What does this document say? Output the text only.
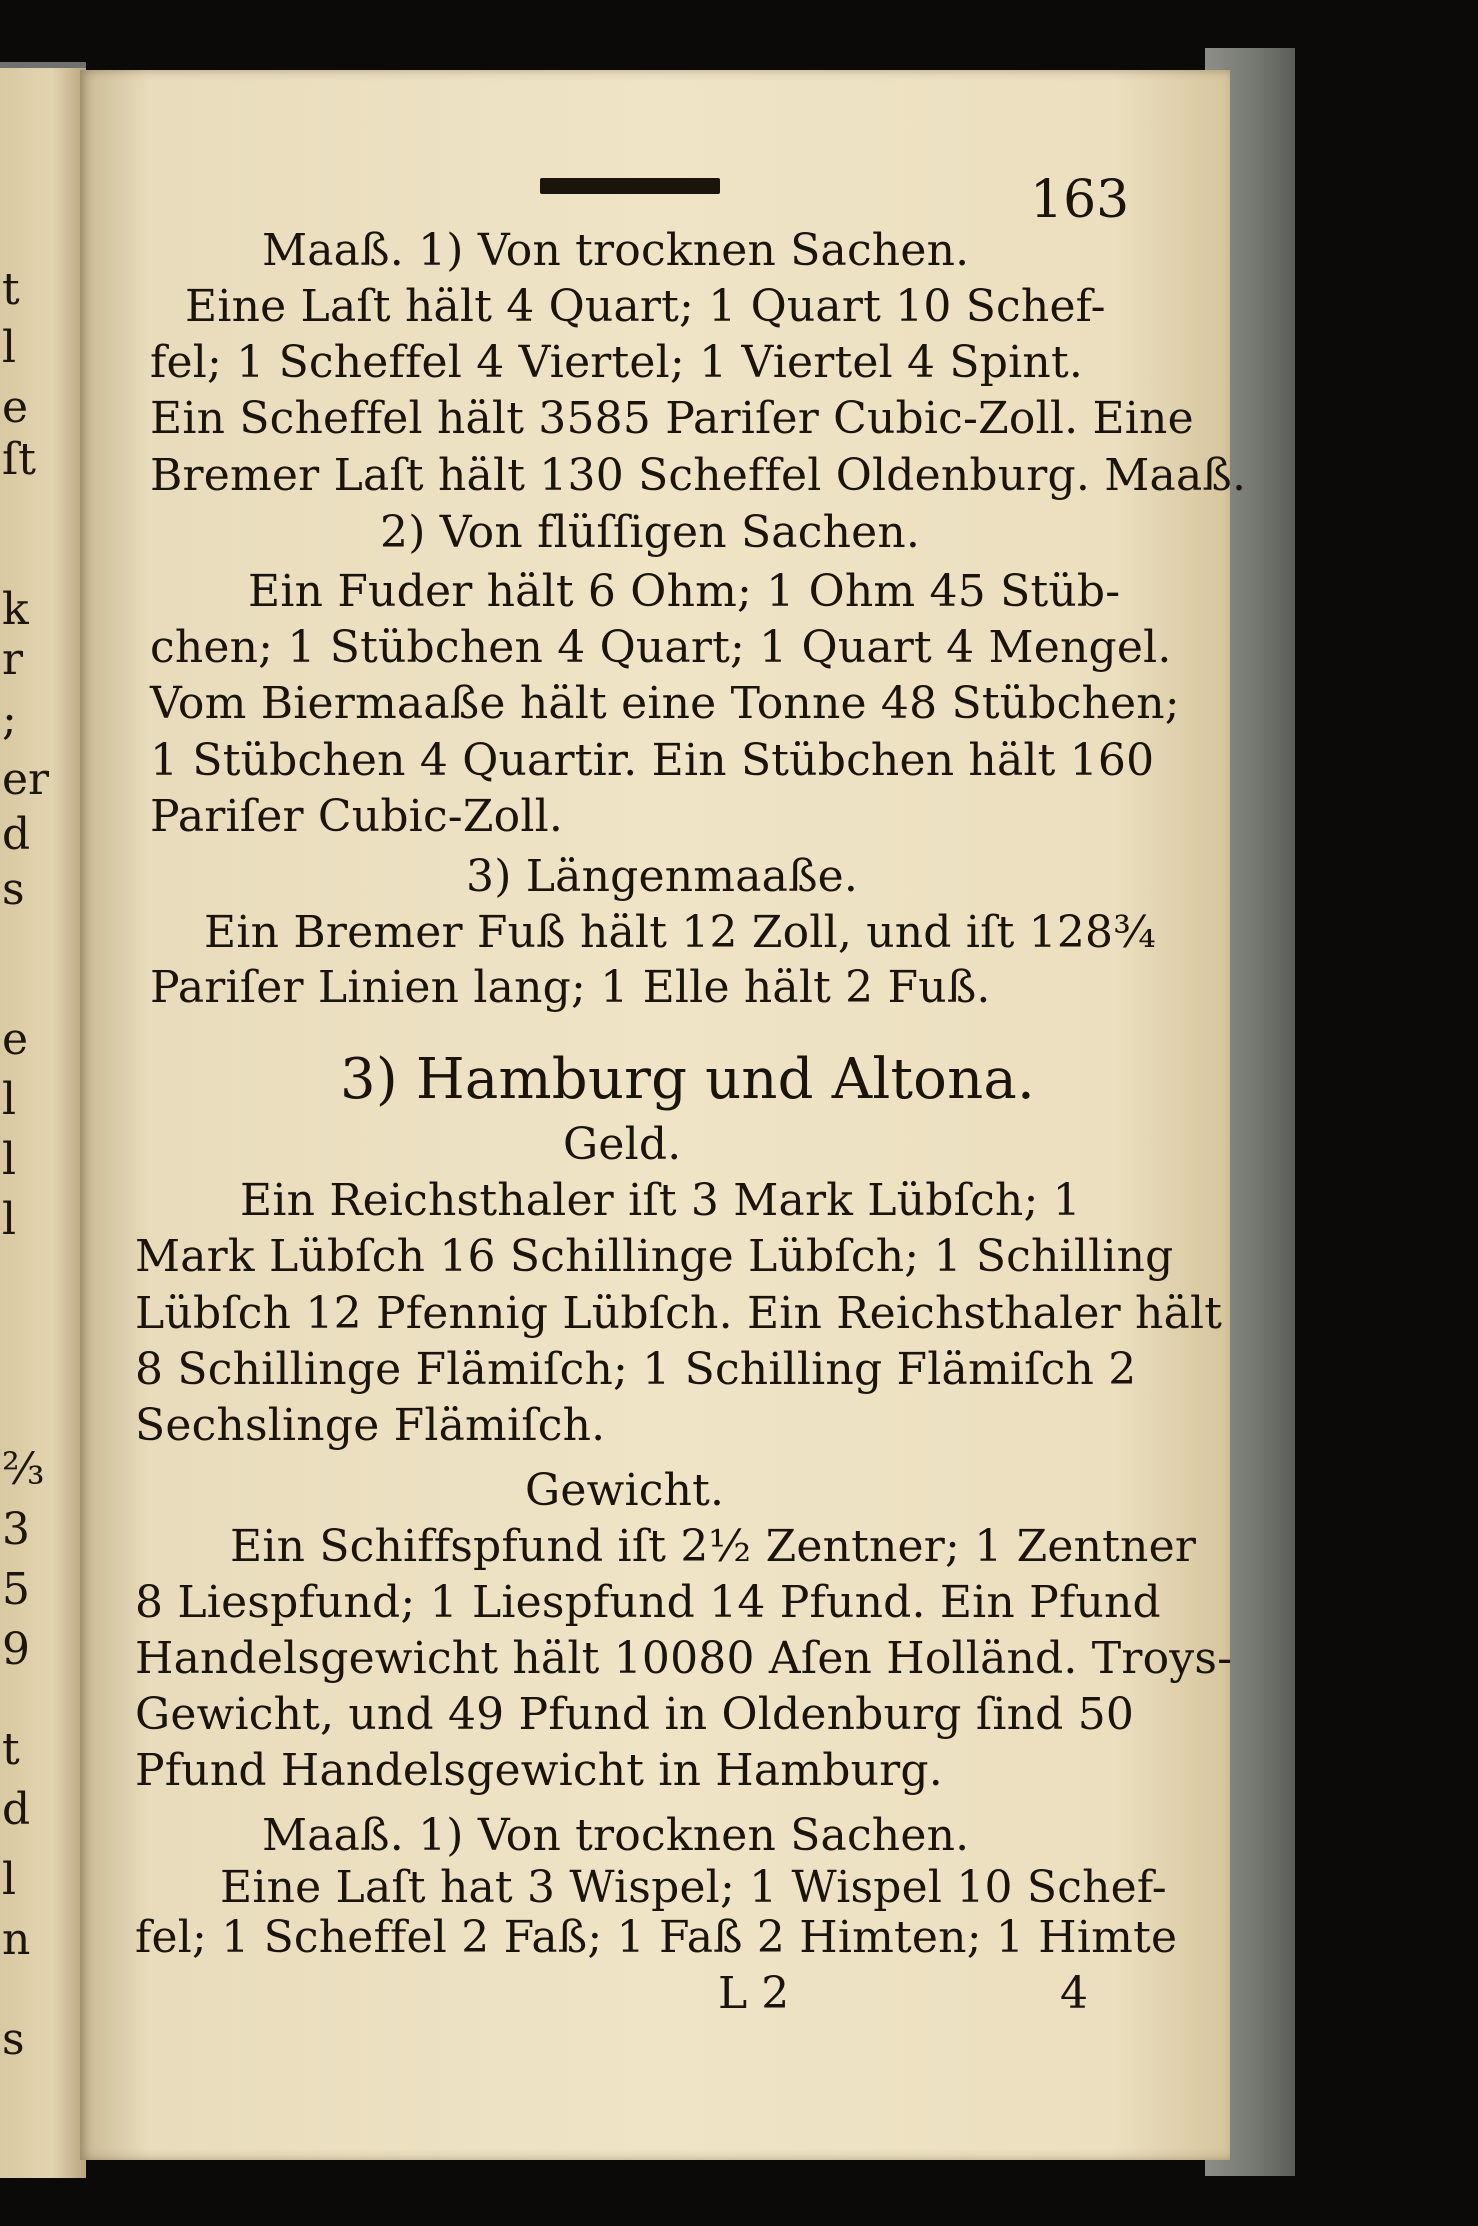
t
l
e
ſt
k
r
;
er
d
s
e
l
l
l
⅔
3
5
9
t
d
l
n
s
163
Maaß. 1) Von trocknen Sachen.
Eine Laſt hält 4 Quart; 1 Quart 10 Schef-
fel; 1 Scheffel 4 Viertel; 1 Viertel 4 Spint.
Ein Scheffel hält 3585 Pariſer Cubic-Zoll. Eine
Bremer Laſt hält 130 Scheffel Oldenburg. Maaß.
2) Von flüſſigen Sachen.
Ein Fuder hält 6 Ohm; 1 Ohm 45 Stüb-
chen; 1 Stübchen 4 Quart; 1 Quart 4 Mengel.
Vom Biermaaße hält eine Tonne 48 Stübchen;
1 Stübchen 4 Quartir. Ein Stübchen hält 160
Pariſer Cubic-Zoll.
3) Längenmaaße.
Ein Bremer Fuß hält 12 Zoll, und iſt 128¾
Pariſer Linien lang; 1 Elle hält 2 Fuß.
3) Hamburg und Altona.
Geld.
Ein Reichsthaler iſt 3 Mark Lübſch; 1
Mark Lübſch 16 Schillinge Lübſch; 1 Schilling
Lübſch 12 Pfennig Lübſch. Ein Reichsthaler hält
8 Schillinge Flämiſch; 1 Schilling Flämiſch 2
Sechslinge Flämiſch.
Gewicht.
Ein Schiffspfund iſt 2½ Zentner; 1 Zentner
8 Liespfund; 1 Liespfund 14 Pfund. Ein Pfund
Handelsgewicht hält 10080 Aſen Holländ. Troys-
Gewicht, und 49 Pfund in Oldenburg ſind 50
Pfund Handelsgewicht in Hamburg.
Maaß. 1) Von trocknen Sachen.
Eine Laſt hat 3 Wispel; 1 Wispel 10 Schef-
fel; 1 Scheffel 2 Faß; 1 Faß 2 Himten; 1 Himte
L 2	4
